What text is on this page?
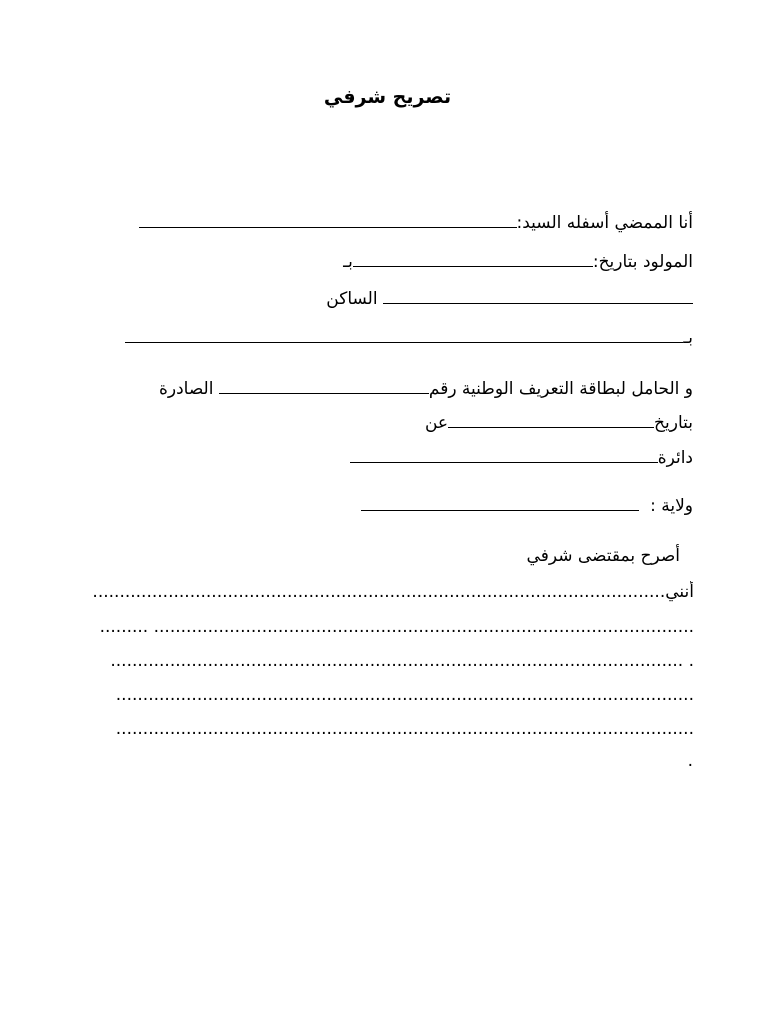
تصريح شرفي
أنا الممضي أسفله السيد:
المولود بتاريخ:بـ
الساكن
بـ
و الحامل لبطاقة التعريف الوطنية رقم الصادرة
بتاريخعن
دائرة
ولاية :
أصرح بمقتضى شرفي
أنني..........................................................................................................
.................................................................................................... .........
. ..........................................................................................................
...........................................................................................................
...........................................................................................................
.
